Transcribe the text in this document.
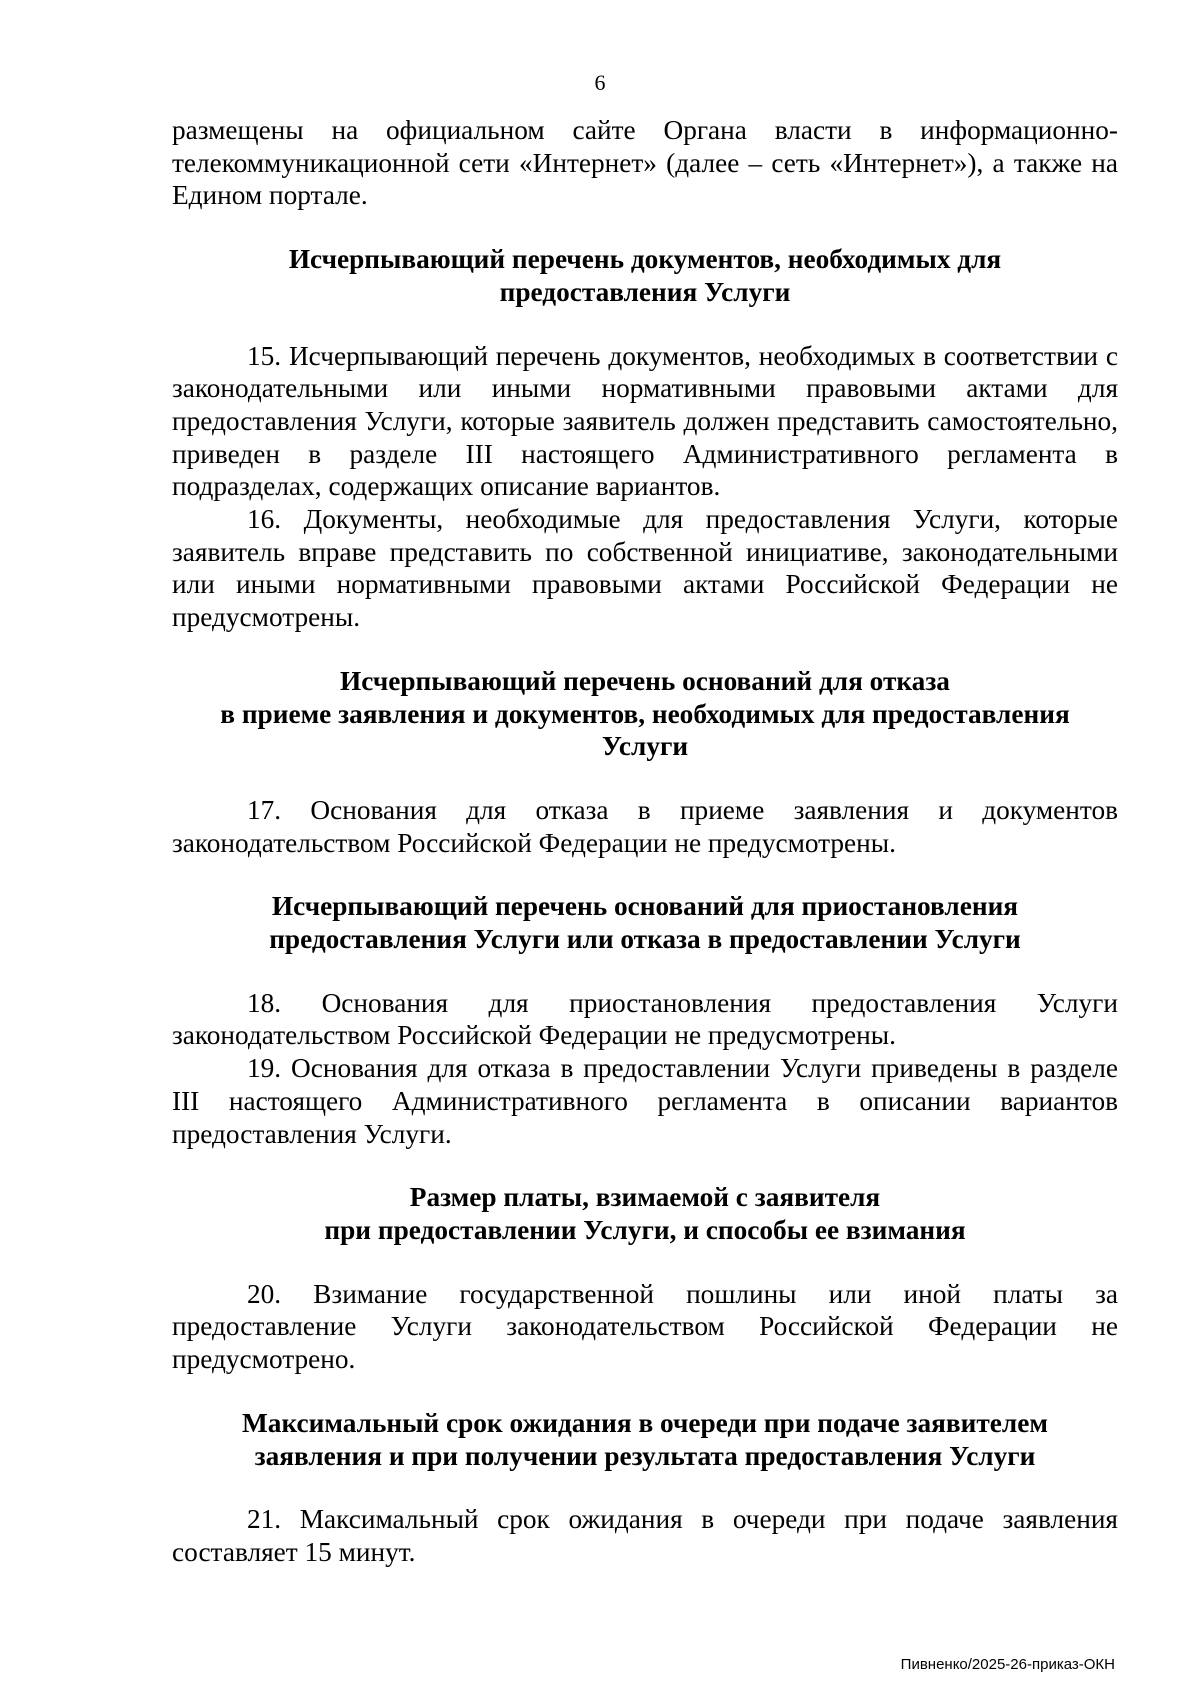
6

размещены на официальном сайте Органа власти в информационно-телекоммуникационной сети «Интернет» (далее – сеть «Интернет»), а также на Едином портале.

Исчерпывающий перечень документов, необходимых для
предоставления Услуги

15. Исчерпывающий перечень документов, необходимых в соответствии с законодательными или иными нормативными правовыми актами для предоставления Услуги, которые заявитель должен представить самостоятельно, приведен в разделе III настоящего Административного регламента в подразделах, содержащих описание вариантов.

16. Документы, необходимые для предоставления Услуги, которые заявитель вправе представить по собственной инициативе, законодательными или иными нормативными правовыми актами Российской Федерации не предусмотрены.

Исчерпывающий перечень оснований для отказа
в приеме заявления и документов, необходимых для предоставления
Услуги

17. Основания для отказа в приеме заявления и документов законодательством Российской Федерации не предусмотрены.

Исчерпывающий перечень оснований для приостановления
предоставления Услуги или отказа в предоставлении Услуги

18. Основания для приостановления предоставления Услуги законодательством Российской Федерации не предусмотрены.

19. Основания для отказа в предоставлении Услуги приведены в разделе III настоящего Административного регламента в описании вариантов предоставления Услуги.

Размер платы, взимаемой с заявителя
при предоставлении Услуги, и способы ее взимания

20. Взимание государственной пошлины или иной платы за предоставление Услуги законодательством Российской Федерации не предусмотрено.

Максимальный срок ожидания в очереди при подаче заявителем
заявления и при получении результата предоставления Услуги

21. Максимальный срок ожидания в очереди при подаче заявления составляет 15 минут.

Пивненко/2025-26-приказ-ОКН
